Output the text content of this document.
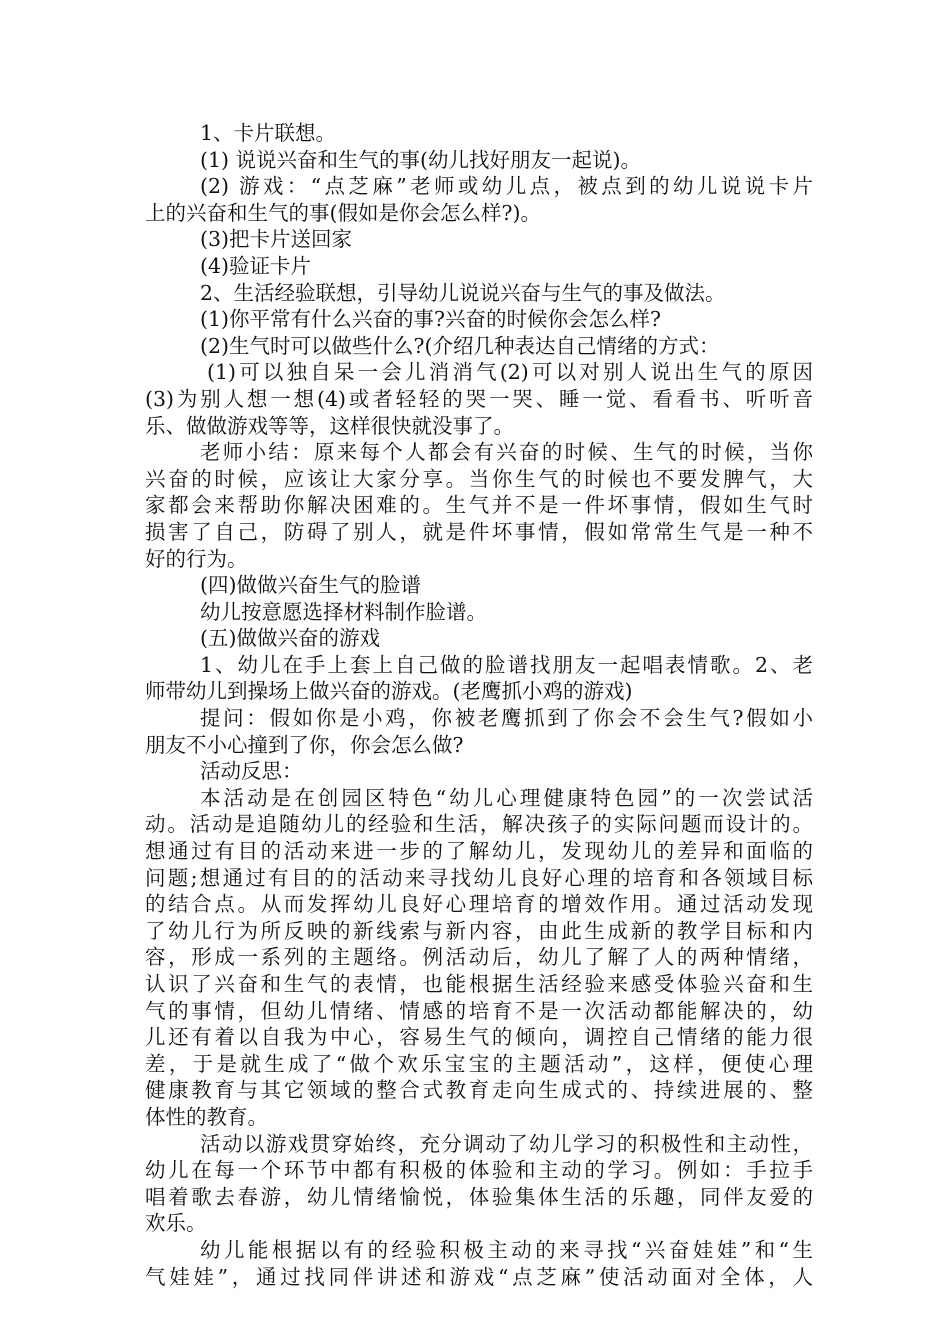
1、卡片联想。
(1) 说说兴奋和生气的事(幼儿找好朋友一起说)。
(2) 游戏：“点芝麻”老师或幼儿点，被点到的幼儿说说卡片
上的兴奋和生气的事(假如是你会怎么样?)。
(3)把卡片送回家
(4)验证卡片
2、生活经验联想，引导幼儿说说兴奋与生气的事及做法。
(1)你平常有什么兴奋的事?兴奋的时候你会怎么样?
(2)生气时可以做些什么?(介绍几种表达自己情绪的方式：
(1)可以独自呆一会儿消消气(2)可以对别人说出生气的原因
(3)为别人想一想(4)或者轻轻的哭一哭、睡一觉、看看书、听听音
乐、做做游戏等等，这样很快就没事了。
老师小结：原来每个人都会有兴奋的时候、生气的时候，当你
兴奋的时候，应该让大家分享。当你生气的时候也不要发脾气，大
家都会来帮助你解决困难的。生气并不是一件坏事情，假如生气时
损害了自己，防碍了别人，就是件坏事情，假如常常生气是一种不
好的行为。
(四)做做兴奋生气的脸谱
幼儿按意愿选择材料制作脸谱。
(五)做做兴奋的游戏
1、幼儿在手上套上自己做的脸谱找朋友一起唱表情歌。2、老
师带幼儿到操场上做兴奋的游戏。(老鹰抓小鸡的游戏)
提问：假如你是小鸡，你被老鹰抓到了你会不会生气?假如小
朋友不小心撞到了你，你会怎么做?
活动反思：
本活动是在创园区特色“幼儿心理健康特色园”的一次尝试活
动。活动是追随幼儿的经验和生活，解决孩子的实际问题而设计的。
想通过有目的活动来进一步的了解幼儿，发现幼儿的差异和面临的
问题;想通过有目的的活动来寻找幼儿良好心理的培育和各领域目标
的结合点。从而发挥幼儿良好心理培育的增效作用。通过活动发现
了幼儿行为所反映的新线索与新内容，由此生成新的教学目标和内
容，形成一系列的主题络。例活动后，幼儿了解了人的两种情绪，
认识了兴奋和生气的表情，也能根据生活经验来感受体验兴奋和生
气的事情，但幼儿情绪、情感的培育不是一次活动都能解决的，幼
儿还有着以自我为中心，容易生气的倾向，调控自己情绪的能力很
差，于是就生成了“做个欢乐宝宝的主题活动”，这样，便使心理
健康教育与其它领域的整合式教育走向生成式的、持续进展的、整
体性的教育。
活动以游戏贯穿始终，充分调动了幼儿学习的积极性和主动性，
幼儿在每一个环节中都有积极的体验和主动的学习。例如：手拉手
唱着歌去春游，幼儿情绪愉悦，体验集体生活的乐趣，同伴友爱的
欢乐。
幼儿能根据以有的经验积极主动的来寻找“兴奋娃娃”和“生
气娃娃”，通过找同伴讲述和游戏“点芝麻”使活动面对全体，人
